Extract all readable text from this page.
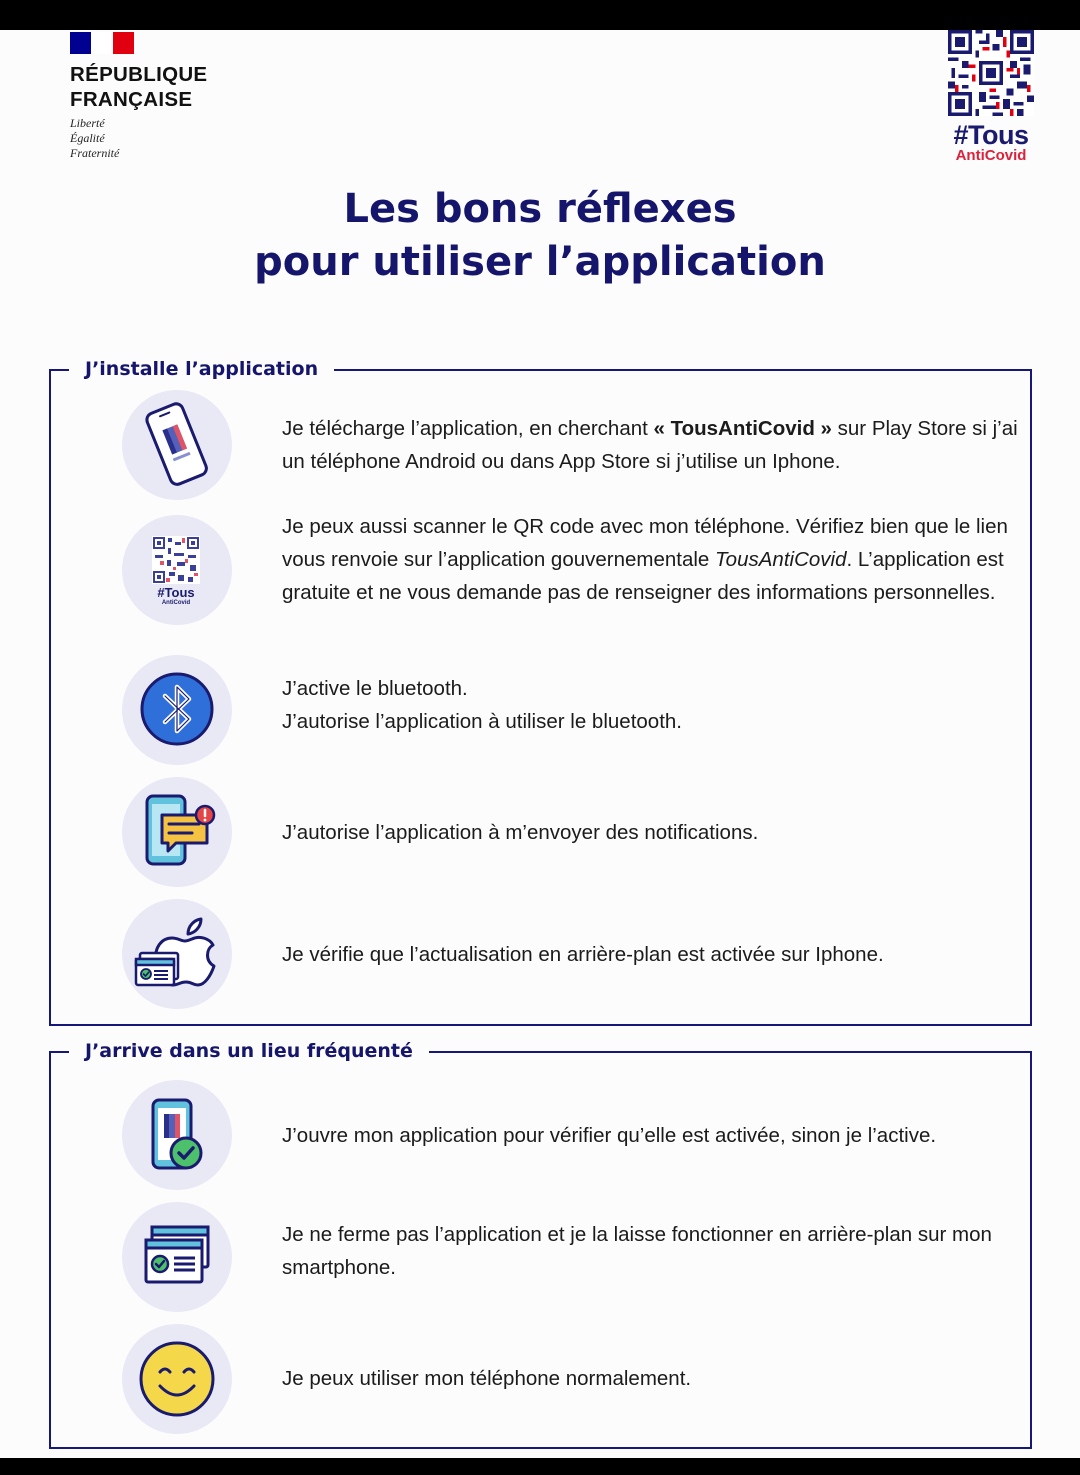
RÉPUBLIQUE
FRANÇAISE
Liberté
Égalité
Fraternité
#Tous
AntiCovid
Les bons réflexes
pour utiliser l’application
J’installe l’application
Je télécharge l’application, en cherchant « TousAntiCovid » sur Play Store si j’ai un téléphone Android ou dans App Store si j’utilise un Iphone.
#Tous
AntiCovid
Je peux aussi scanner le QR code avec mon téléphone. Vérifiez bien que le lien vous renvoie sur l’application gouvernementale TousAntiCovid. L’application est gratuite et ne vous demande pas de renseigner des informations personnelles.
J’active le bluetooth.
J’autorise l’application à utiliser le bluetooth.
J’autorise l’application à m’envoyer des notifications.
Je vérifie que l’actualisation en arrière-plan est activée sur Iphone.
J’arrive dans un lieu fréquenté
J’ouvre mon application pour vérifier qu’elle est activée, sinon je l’active.
Je ne ferme pas l’application et je la laisse fonctionner en arrière-plan sur mon smartphone.
Je peux utiliser mon téléphone normalement.
